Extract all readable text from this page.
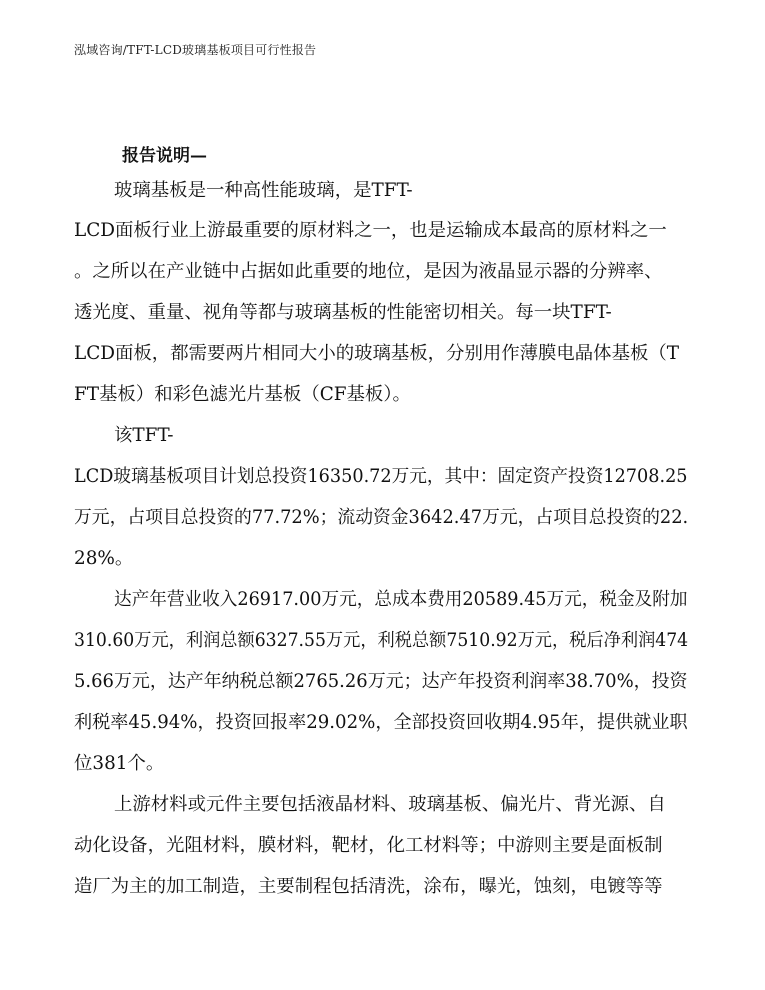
泓域咨询/TFT-LCD玻璃基板项目可行性报告
报告说明—
玻璃基板是一种高性能玻璃，是TFT-
LCD面板行业上游最重要的原材料之一，也是运输成本最高的原材料之一
。之所以在产业链中占据如此重要的地位，是因为液晶显示器的分辨率、
透光度、重量、视角等都与玻璃基板的性能密切相关。每一块TFT-
LCD面板，都需要两片相同大小的玻璃基板，分别用作薄膜电晶体基板（T
FT基板）和彩色滤光片基板（CF基板）。
该TFT-
LCD玻璃基板项目计划总投资16350.72万元，其中：固定资产投资12708.25
万元，占项目总投资的77.72%；流动资金3642.47万元，占项目总投资的22.
28%。
达产年营业收入26917.00万元，总成本费用20589.45万元，税金及附加
310.60万元，利润总额6327.55万元，利税总额7510.92万元，税后净利润474
5.66万元，达产年纳税总额2765.26万元；达产年投资利润率38.70%，投资
利税率45.94%，投资回报率29.02%，全部投资回收期4.95年，提供就业职
位381个。
上游材料或元件主要包括液晶材料、玻璃基板、偏光片、背光源、自
动化设备，光阻材料，膜材料，靶材，化工材料等；中游则主要是面板制
造厂为主的加工制造，主要制程包括清洗，涂布，曝光，蚀刻，电镀等等
